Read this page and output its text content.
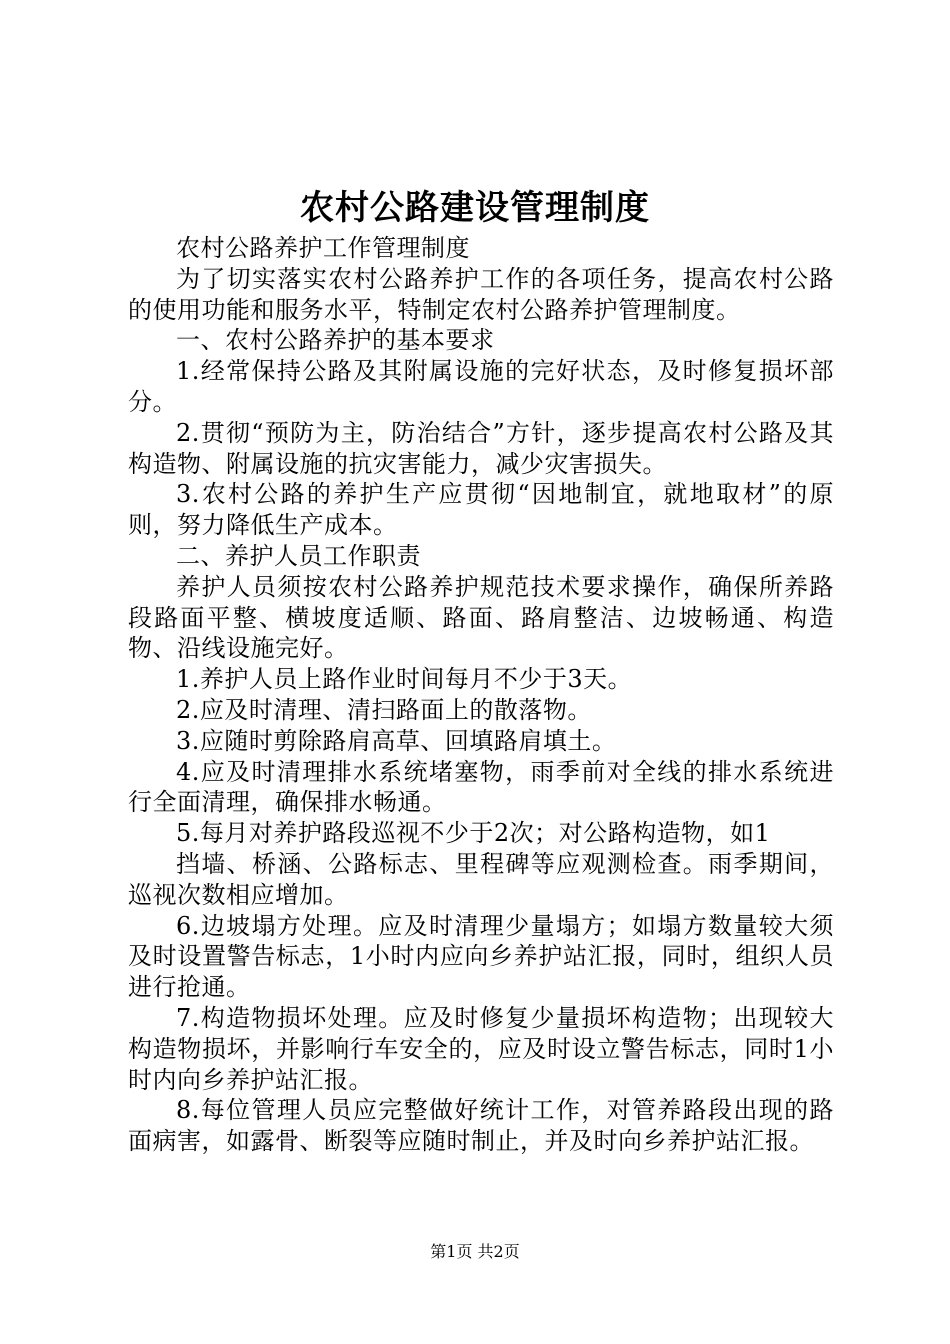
农村公路建设管理制度

农村公路养护工作管理制度

为了切实落实农村公路养护工作的各项任务，提高农村公路的使用功能和服务水平，特制定农村公路养护管理制度。

一、农村公路养护的基本要求

1.经常保持公路及其附属设施的完好状态，及时修复损坏部分。

2.贯彻“预防为主，防治结合”方针，逐步提高农村公路及其构造物、附属设施的抗灾害能力，减少灾害损失。

3.农村公路的养护生产应贯彻“因地制宜，就地取材”的原则，努力降低生产成本。

二、养护人员工作职责

养护人员须按农村公路养护规范技术要求操作，确保所养路段路面平整、横坡度适顺、路面、路肩整洁、边坡畅通、构造物、沿线设施完好。

1.养护人员上路作业时间每月不少于3天。

2.应及时清理、清扫路面上的散落物。

3.应随时剪除路肩高草、回填路肩填土。

4.应及时清理排水系统堵塞物，雨季前对全线的排水系统进行全面清理，确保排水畅通。

5.每月对养护路段巡视不少于2次；对公路构造物，如1

挡墙、桥涵、公路标志、里程碑等应观测检查。雨季期间，巡视次数相应增加。

6.边坡塌方处理。应及时清理少量塌方；如塌方数量较大须及时设置警告标志，1小时内应向乡养护站汇报，同时，组织人员进行抢通。

7.构造物损坏处理。应及时修复少量损坏构造物；出现较大构造物损坏，并影响行车安全的，应及时设立警告标志，同时1小时内向乡养护站汇报。

8.每位管理人员应完整做好统计工作，对管养路段出现的路面病害，如露骨、断裂等应随时制止，并及时向乡养护站汇报。

第1页 共2页
